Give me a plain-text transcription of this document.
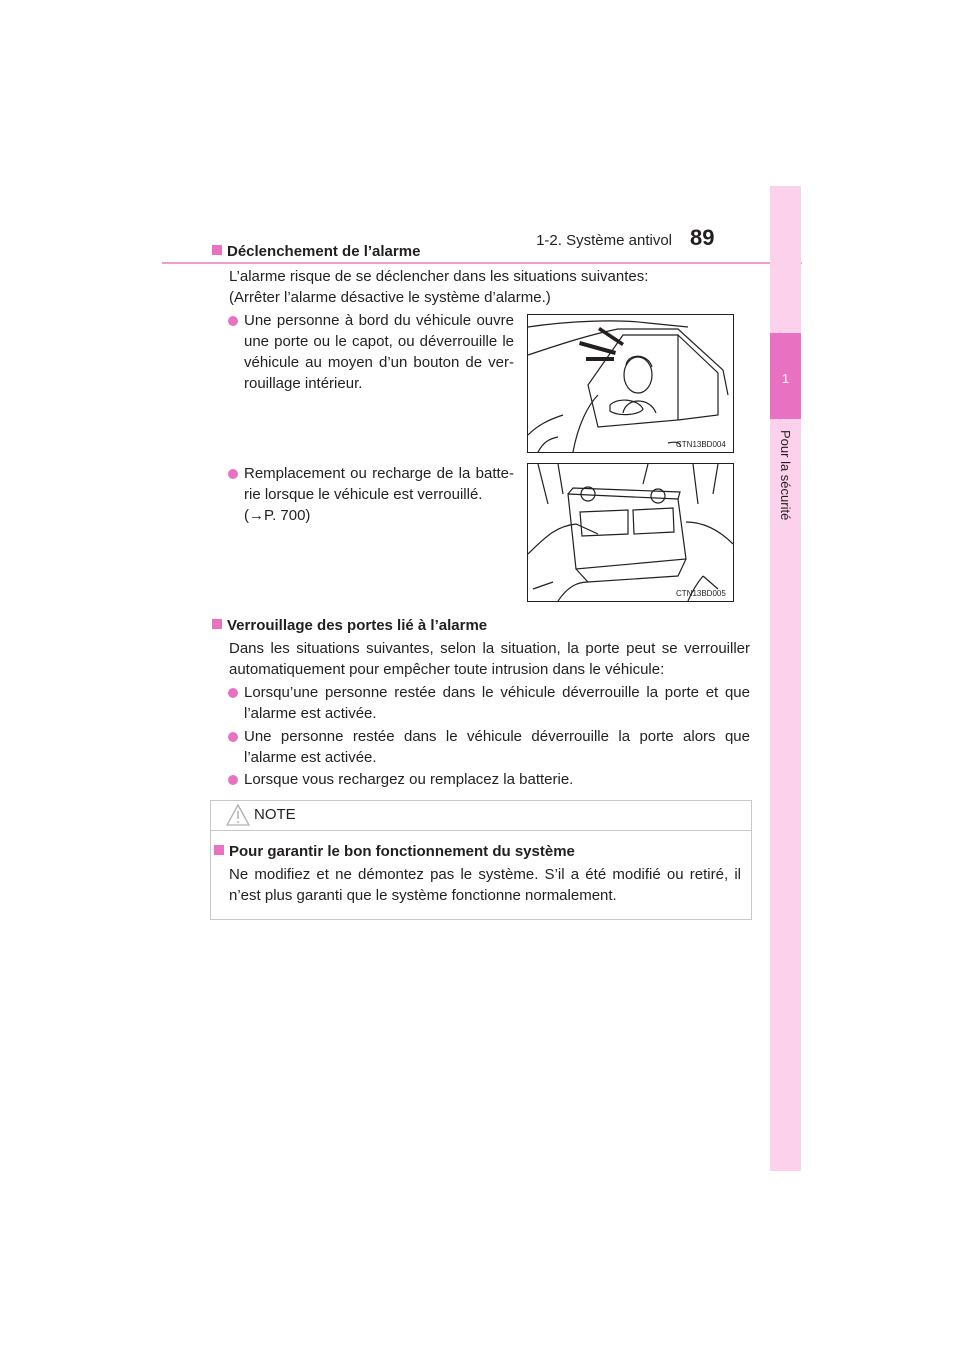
1-2. Système antivol 89
1
Pour la sécurité
Déclenchement de l’alarme
L’alarme risque de se déclencher dans les situations suivantes:
(Arrêter l’alarme désactive le système d’alarme.)
Une personne à bord du véhicule ouvre une porte ou le capot, ou déverrouille le véhicule au moyen d’un bouton de ver-rouillage intérieur.
Remplacement ou recharge de la batte-rie lorsque le véhicule est verrouillé.
(→P. 700)
CTN13BD004
CTN13BD005
Verrouillage des portes lié à l’alarme
Dans les situations suivantes, selon la situation, la porte peut se verrouiller automatiquement pour empêcher toute intrusion dans le véhicule:
Lorsqu’une personne restée dans le véhicule déverrouille la porte et que l’alarme est activée.
Une personne restée dans le véhicule déverrouille la porte alors que l’alarme est activée.
Lorsque vous rechargez ou remplacez la batterie.
NOTE
Pour garantir le bon fonctionnement du système
Ne modifiez et ne démontez pas le système. S’il a été modifié ou retiré, il n’est plus garanti que le système fonctionne normalement.
